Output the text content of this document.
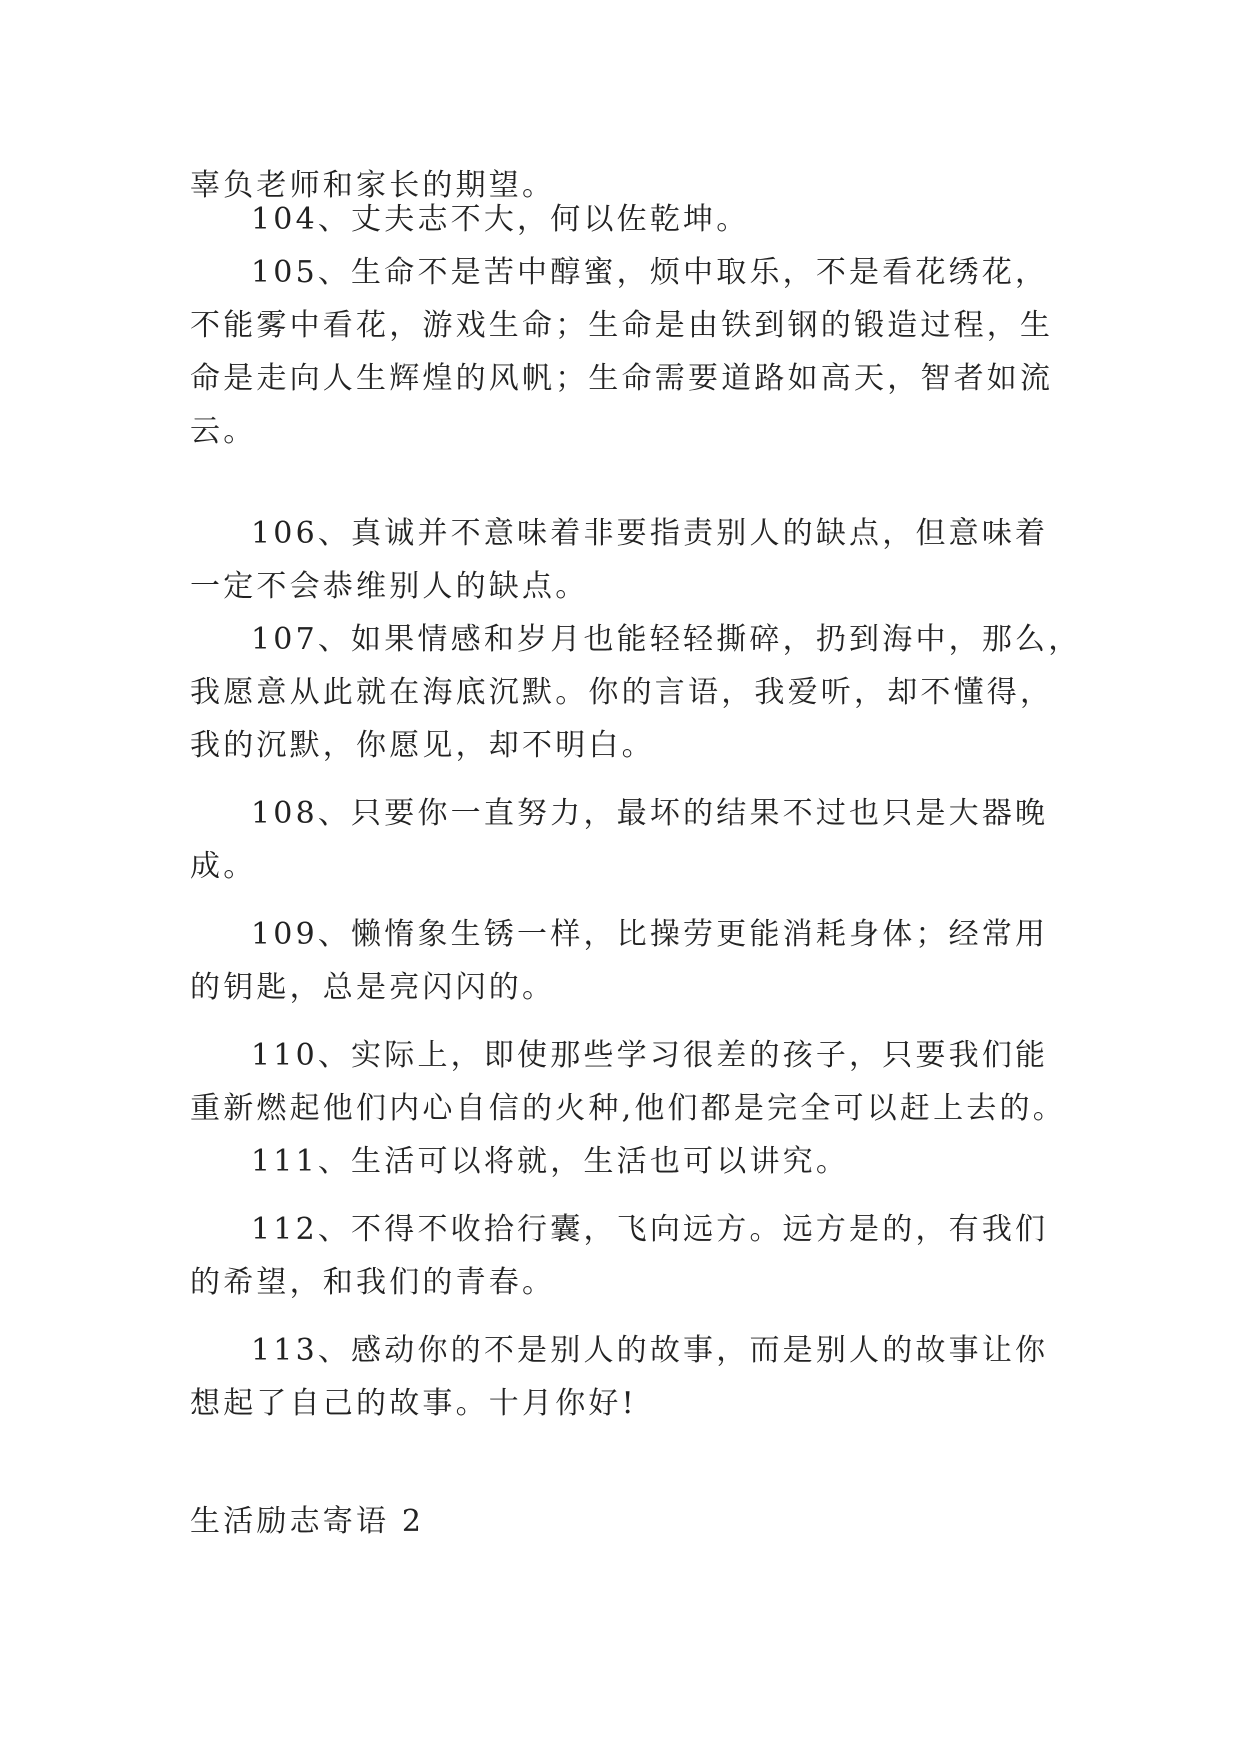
辜负老师和家长的期望。
104、丈夫志不大，何以佐乾坤。
105、生命不是苦中醇蜜，烦中取乐，不是看花绣花，
不能雾中看花，游戏生命；生命是由铁到钢的锻造过程，生
命是走向人生辉煌的风帆；生命需要道路如高天，智者如流
云。
106、真诚并不意味着非要指责别人的缺点，但意味着
一定不会恭维别人的缺点。
107、如果情感和岁月也能轻轻撕碎，扔到海中，那么，
我愿意从此就在海底沉默。你的言语，我爱听，却不懂得，
我的沉默，你愿见，却不明白。
108、只要你一直努力，最坏的结果不过也只是大器晚
成。
109、懒惰象生锈一样，比操劳更能消耗身体；经常用
的钥匙，总是亮闪闪的。
110、实际上，即使那些学习很差的孩子，只要我们能
重新燃起他们内心自信的火种,他们都是完全可以赶上去的。
111、生活可以将就，生活也可以讲究。
112、不得不收拾行囊，飞向远方。远方是的，有我们
的希望，和我们的青春。
113、感动你的不是别人的故事，而是别人的故事让你
想起了自己的故事。十月你好!
生活励志寄语 2
